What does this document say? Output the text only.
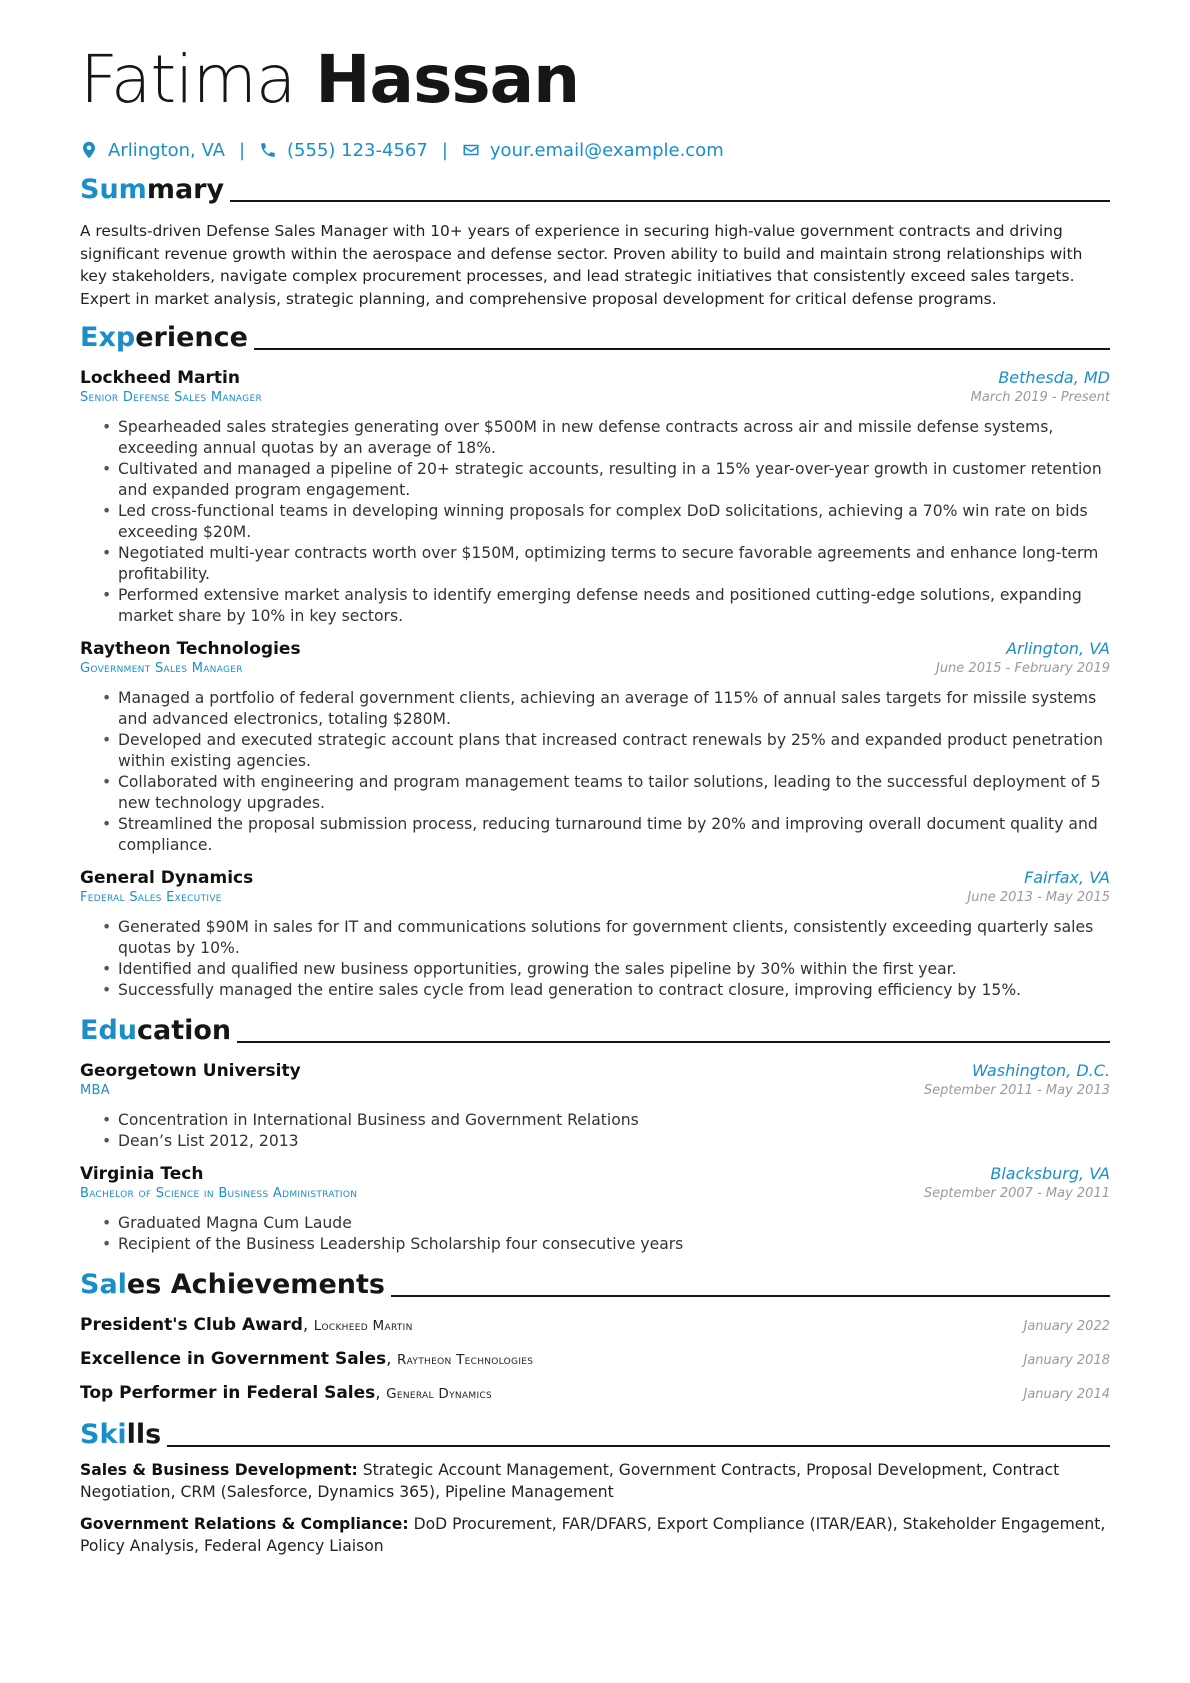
Fatima Hassan
Arlington, VA | (555) 123-4567 | your.email@example.com
Summary

A results-driven Defense Sales Manager with 10+ years of experience in securing high-value government contracts and driving significant revenue growth within the aerospace and defense sector. Proven ability to build and maintain strong relationships with key stakeholders, navigate complex procurement processes, and lead strategic initiatives that consistently exceed sales targets. Expert in market analysis, strategic planning, and comprehensive proposal development for critical defense programs.

Experience
Lockheed Martin	Bethesda, MD
Senior Defense Sales Manager	March 2019 - Present
• Spearheaded sales strategies generating over $500M in new defense contracts across air and missile defense systems, exceeding annual quotas by an average of 18%.
• Cultivated and managed a pipeline of 20+ strategic accounts, resulting in a 15% year-over-year growth in customer retention and expanded program engagement.
• Led cross-functional teams in developing winning proposals for complex DoD solicitations, achieving a 70% win rate on bids exceeding $20M.
• Negotiated multi-year contracts worth over $150M, optimizing terms to secure favorable agreements and enhance long-term profitability.
• Performed extensive market analysis to identify emerging defense needs and positioned cutting-edge solutions, expanding market share by 10% in key sectors.
Raytheon Technologies	Arlington, VA
Government Sales Manager	June 2015 - February 2019
• Managed a portfolio of federal government clients, achieving an average of 115% of annual sales targets for missile systems and advanced electronics, totaling $280M.
• Developed and executed strategic account plans that increased contract renewals by 25% and expanded product penetration within existing agencies.
• Collaborated with engineering and program management teams to tailor solutions, leading to the successful deployment of 5 new technology upgrades.
• Streamlined the proposal submission process, reducing turnaround time by 20% and improving overall document quality and compliance.
General Dynamics	Fairfax, VA
Federal Sales Executive	June 2013 - May 2015
• Generated $90M in sales for IT and communications solutions for government clients, consistently exceeding quarterly sales quotas by 10%.
• Identified and qualified new business opportunities, growing the sales pipeline by 30% within the first year.
• Successfully managed the entire sales cycle from lead generation to contract closure, improving efficiency by 15%.
Education
Georgetown University	Washington, D.C.
MBA	September 2011 - May 2013
• Concentration in International Business and Government Relations
• Dean’s List 2012, 2013
Virginia Tech	Blacksburg, VA
Bachelor of Science in Business Administration	September 2007 - May 2011
• Graduated Magna Cum Laude
• Recipient of the Business Leadership Scholarship four consecutive years
Sales Achievements
President's Club Award, Lockheed Martin	January 2022
Excellence in Government Sales, Raytheon Technologies	January 2018
Top Performer in Federal Sales, General Dynamics	January 2014
Skills
Sales & Business Development: Strategic Account Management, Government Contracts, Proposal Development, Contract Negotiation, CRM (Salesforce, Dynamics 365), Pipeline Management
Government Relations & Compliance: DoD Procurement, FAR/DFARS, Export Compliance (ITAR/EAR), Stakeholder Engagement, Policy Analysis, Federal Agency Liaison
